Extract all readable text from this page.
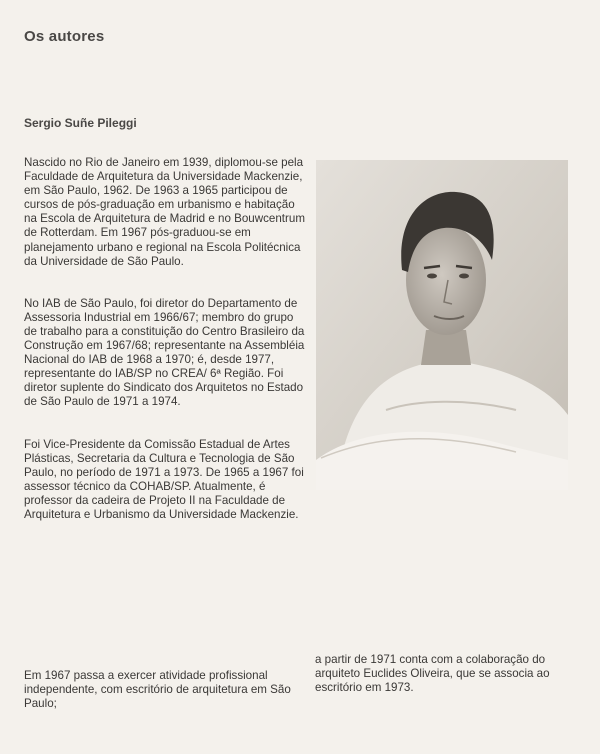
Os autores
Sergio Suñe Pileggi

Nascido no Rio de Janeiro em 1939, diplomou-se pela Faculdade de Arquitetura da Universidade Mackenzie, em São Paulo, 1962. De 1963 a 1965 participou de cursos de pós-graduação em urbanismo e habitação na Escola de Arquitetura de Madrid e no Bouwcentrum de Rotterdam. Em 1967 pós-graduou-se em planejamento urbano e regional na Escola Politécnica da Universidade de São Paulo.

No IAB de São Paulo, foi diretor do Departamento de Assessoria Industrial em 1966/67; membro do grupo de trabalho para a constituição do Centro Brasileiro da Construção em 1967/68; representante na Assembléia Nacional do IAB de 1968 a 1970; é, desde 1977, representante do IAB/SP no CREA/ 6ª Região. Foi diretor suplente do Sindicato dos Arquitetos no Estado de São Paulo de 1971 a 1974.

Foi Vice-Presidente da Comissão Estadual de Artes Plásticas, Secretaria da Cultura e Tecnologia de São Paulo, no período de 1971 a 1973. De 1965 a 1967 foi assessor técnico da COHAB/SP. Atualmente, é professor da cadeira de Projeto II na Faculdade de Arquitetura e Urbanismo da Universidade Mackenzie.

Em 1967 passa a exercer atividade profissional independente, com escritório de arquitetura em São Paulo;

a partir de 1971 conta com a colaboração do arquiteto Euclides Oliveira, que se associa ao escritório em 1973.
